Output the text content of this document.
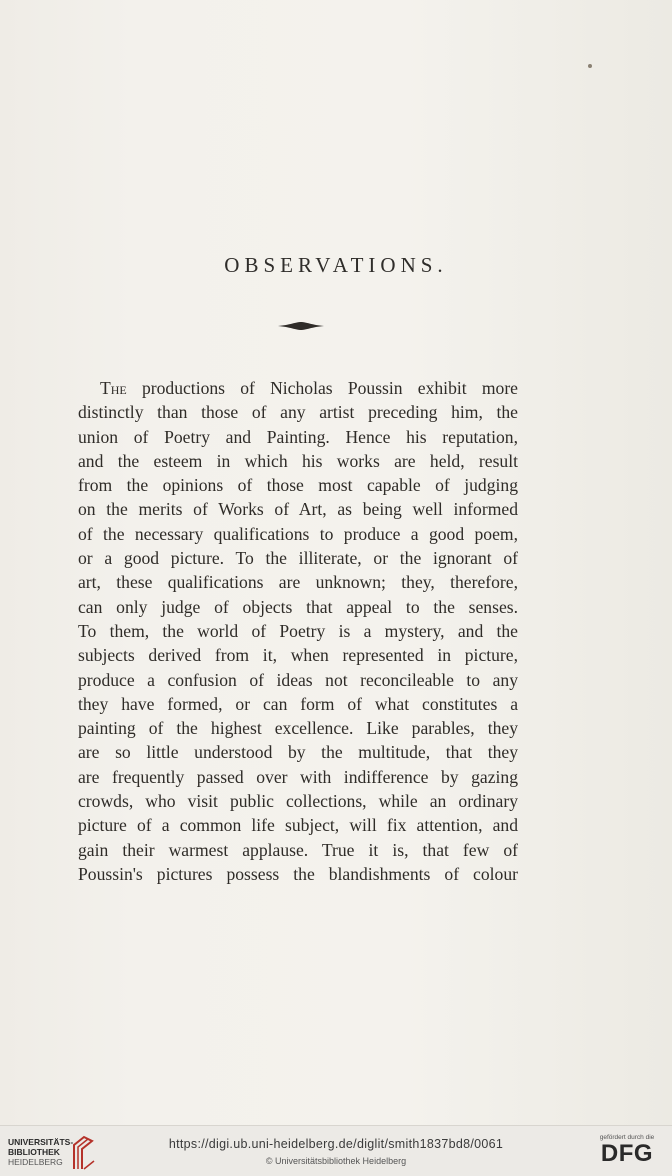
OBSERVATIONS.
The productions of Nicholas Poussin exhibit more
distinctly than those of any artist preceding him, the
union of Poetry and Painting. Hence his reputation,
and the esteem in which his works are held, result
from the opinions of those most capable of judging
on the merits of Works of Art, as being well informed
of the necessary qualifications to produce a good poem,
or a good picture. To the illiterate, or the ignorant of
art, these qualifications are unknown; they, therefore,
can only judge of objects that appeal to the senses.
To them, the world of Poetry is a mystery, and the
subjects derived from it, when represented in picture,
produce a confusion of ideas not reconcileable to any
they have formed, or can form of what constitutes a
painting of the highest excellence. Like parables, they
are so little understood by the multitude, that they
are frequently passed over with indifference by gazing
crowds, who visit public collections, while an ordinary
picture of a common life subject, will fix attention, and
gain their warmest applause. True it is, that few of
Poussin's pictures possess the blandishments of colour
UNIVERSITÄTS-
BIBLIOTHEK
HEIDELBERG
https://digi.ub.uni-heidelberg.de/diglit/smith1837bd8/0061
© Universitätsbibliothek Heidelberg
gefördert durch die
DFG
